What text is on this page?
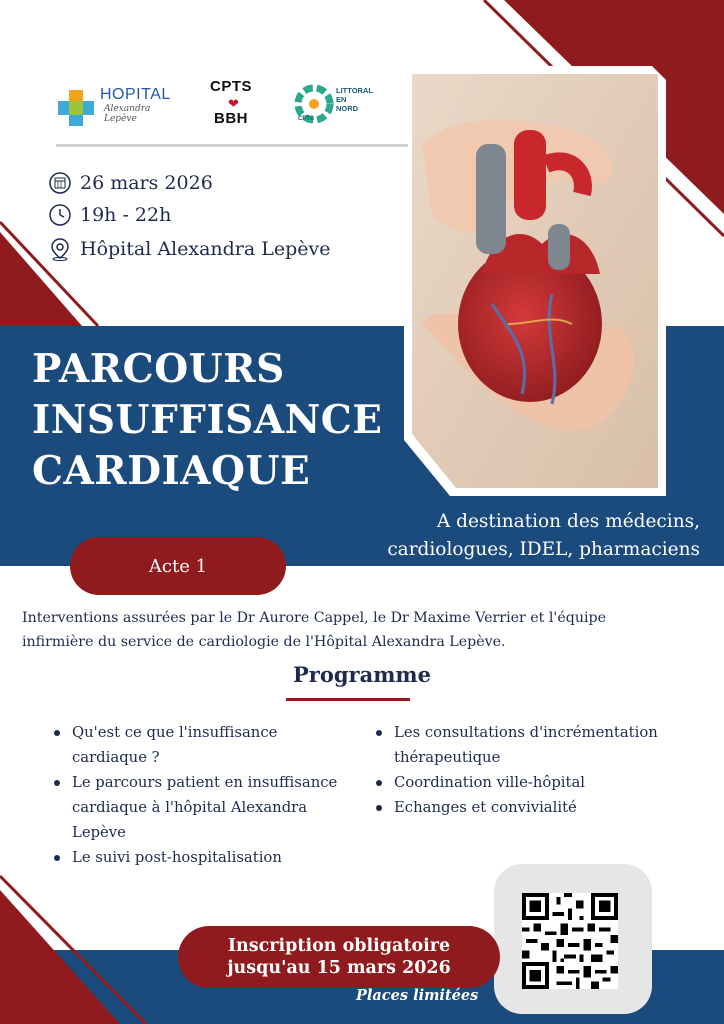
HOPITAL
Alexandra Lepève
CPTS
❤
BBH
LITTORAL EN NORD
CPTS
26 mars 2026
19h - 22h
Hôpital Alexandra Lepève
PARCOURS
INSUFFISANCE
CARDIAQUE
A destination des médecins,
cardiologues, IDEL, pharmaciens
Acte 1
Interventions assurées par le Dr Aurore Cappel, le Dr Maxime Verrier et l'équipe
infirmière du service de cardiologie de l'Hôpital Alexandra Lepève.
Programme
Qu'est ce que l'insuffisance cardiaque ?
Le parcours patient en insuffisance cardiaque à l'hôpital Alexandra Lepève
Le suivi post-hospitalisation
Les consultations d'incrémentation thérapeutique
Coordination ville-hôpital
Echanges et convivialité
Inscription obligatoire
jusqu'au 15 mars 2026
Places limitées
